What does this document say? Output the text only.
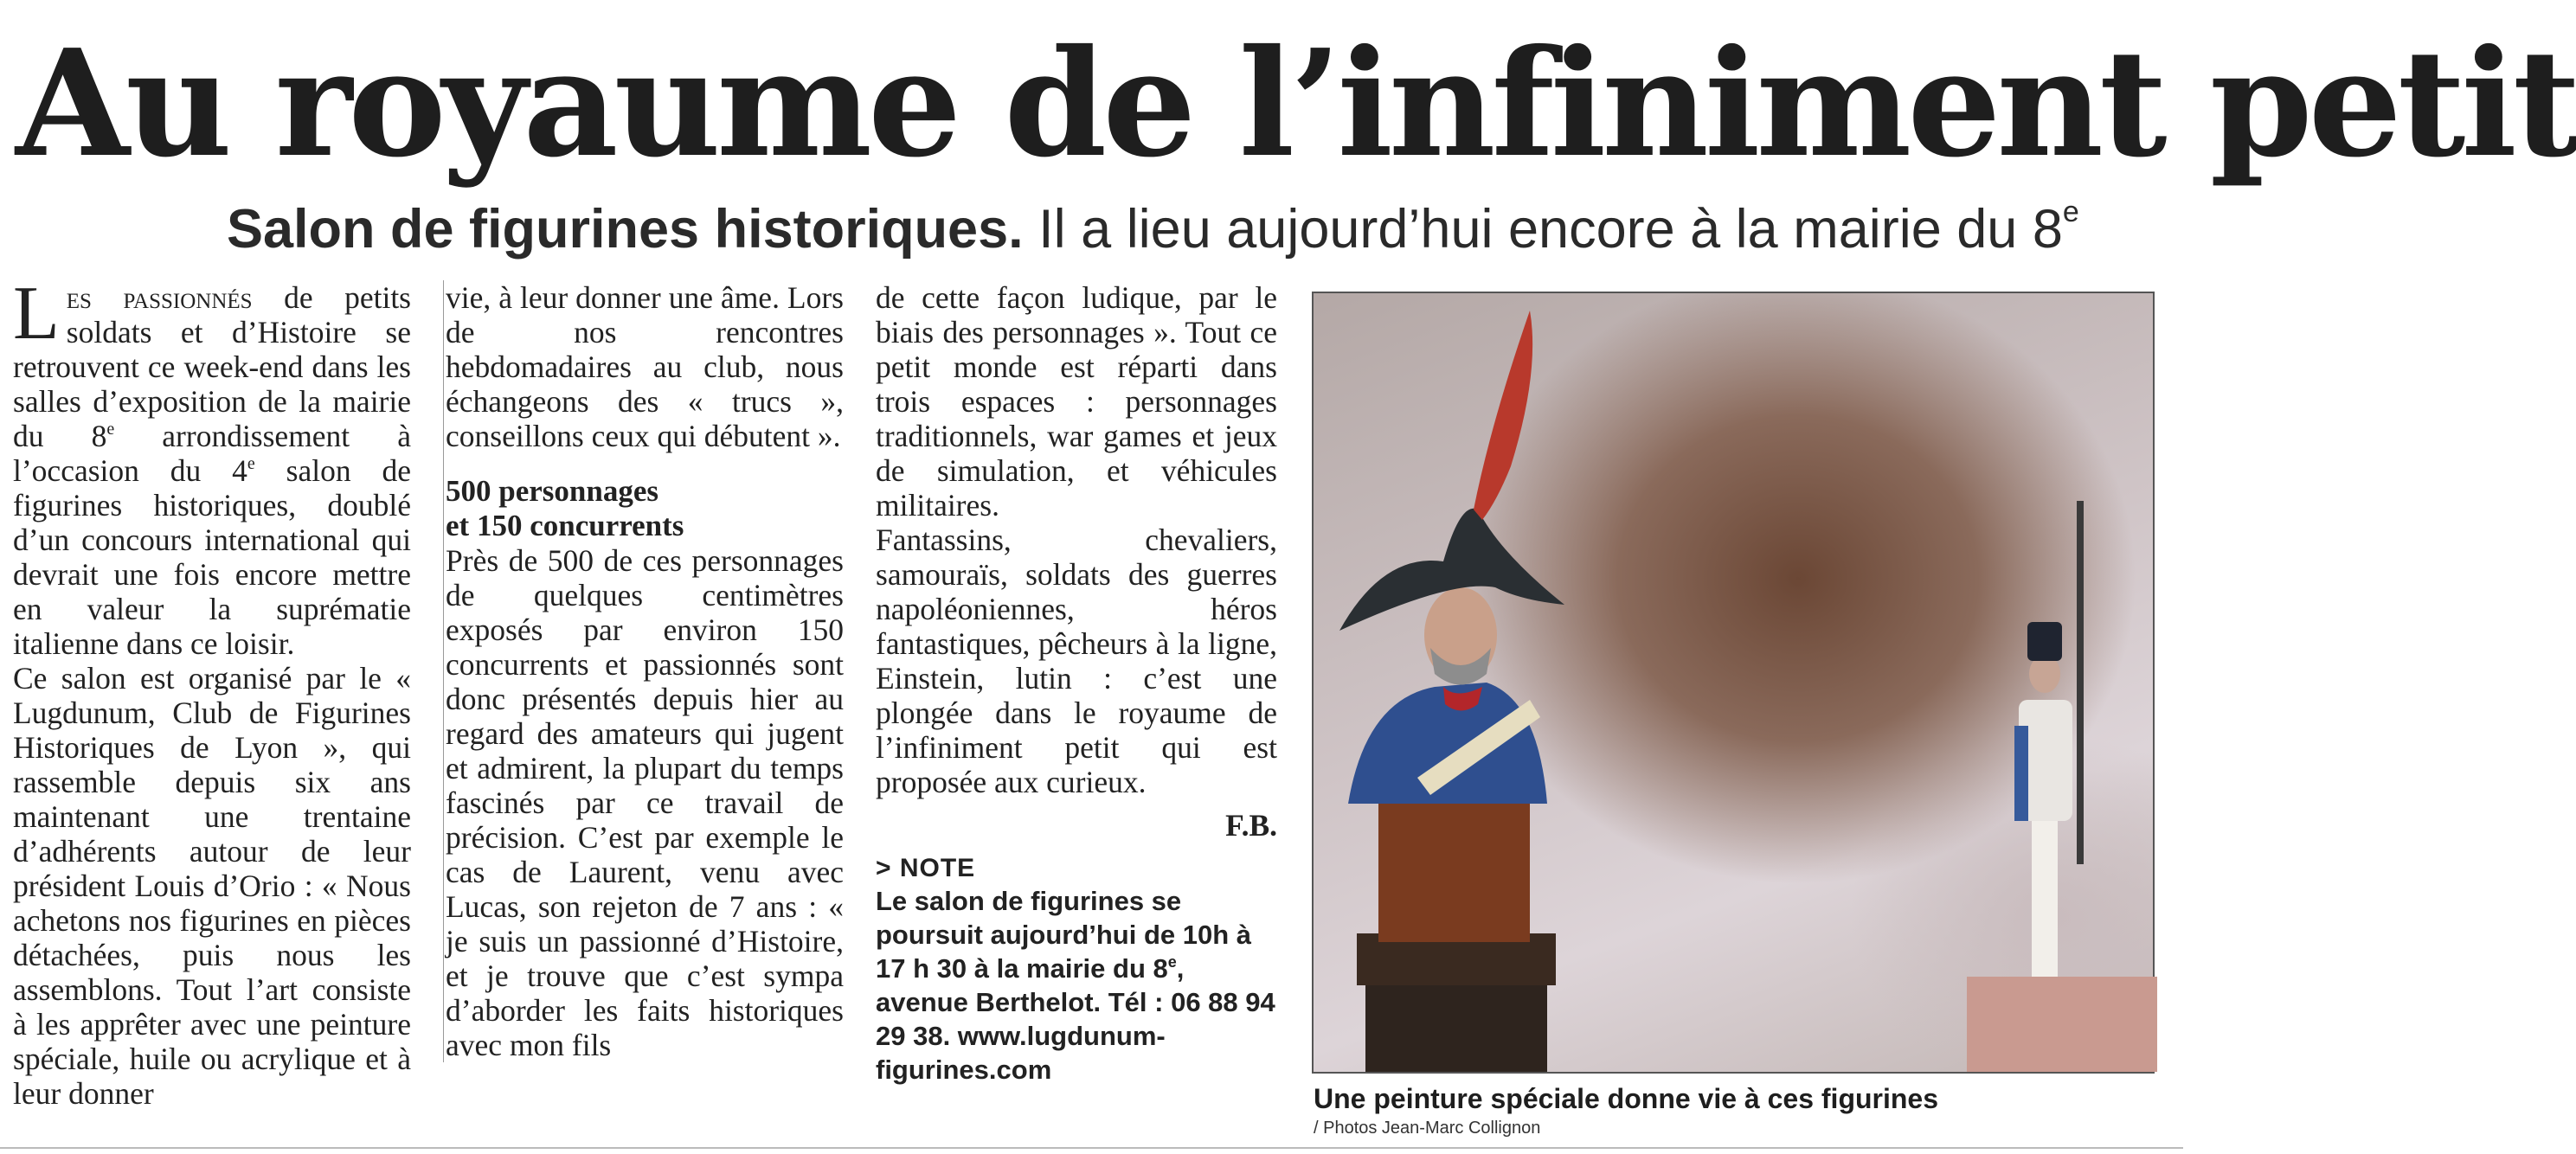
Au royaume de l’infiniment petit
Salon de figurines historiques. Il a lieu aujourd’hui encore à la mairie du 8e

Les passionnés de petits soldats et d’Histoire se retrouvent ce week-end dans les salles d’exposition de la mairie du 8e arrondissement à l’occasion du 4e salon de figurines historiques, doublé d’un concours international qui devrait une fois encore mettre en valeur la suprématie italienne dans ce loisir.

Ce salon est organisé par le « Lugdunum, Club de Figurines Historiques de Lyon », qui rassemble depuis six ans maintenant une trentaine d’adhérents autour de leur président Louis d’Orio : « Nous achetons nos figurines en pièces détachées, puis nous les assemblons. Tout l’art consiste à les apprêter avec une peinture spéciale, huile ou acrylique et à leur donner

vie, à leur donner une âme. Lors de nos rencontres hebdomadaires au club, nous échangeons des « trucs », conseillons ceux qui débutent ».

500 personnages
et 150 concurrents

Près de 500 de ces personnages de quelques centimètres exposés par environ 150 concurrents et passionnés sont donc présentés depuis hier au regard des amateurs qui jugent et admirent, la plupart du temps fascinés par ce travail de précision. C’est par exemple le cas de Laurent, venu avec Lucas, son rejeton de 7 ans : « je suis un passionné d’Histoire, et je trouve que c’est sympa d’aborder les faits historiques avec mon fils

de cette façon ludique, par le biais des personnages ». Tout ce petit monde est réparti dans trois espaces : personnages traditionnels, war games et jeux de simulation, et véhicules militaires.

Fantassins, chevaliers, samouraïs, soldats des guerres napoléoniennes, héros fantastiques, pêcheurs à la ligne, Einstein, lutin : c’est une plongée dans le royaume de l’infiniment petit qui est proposée aux curieux.

F.B.
> NOTE
Le salon de figurines se poursuit aujourd’hui de 10h à 17 h 30 à la mairie du 8e, avenue Berthelot. Tél : 06 88 94 29 38. www.lugdunum-figurines.com
Une peinture spéciale donne vie à ces figurines
/ Photos Jean-Marc Collignon
